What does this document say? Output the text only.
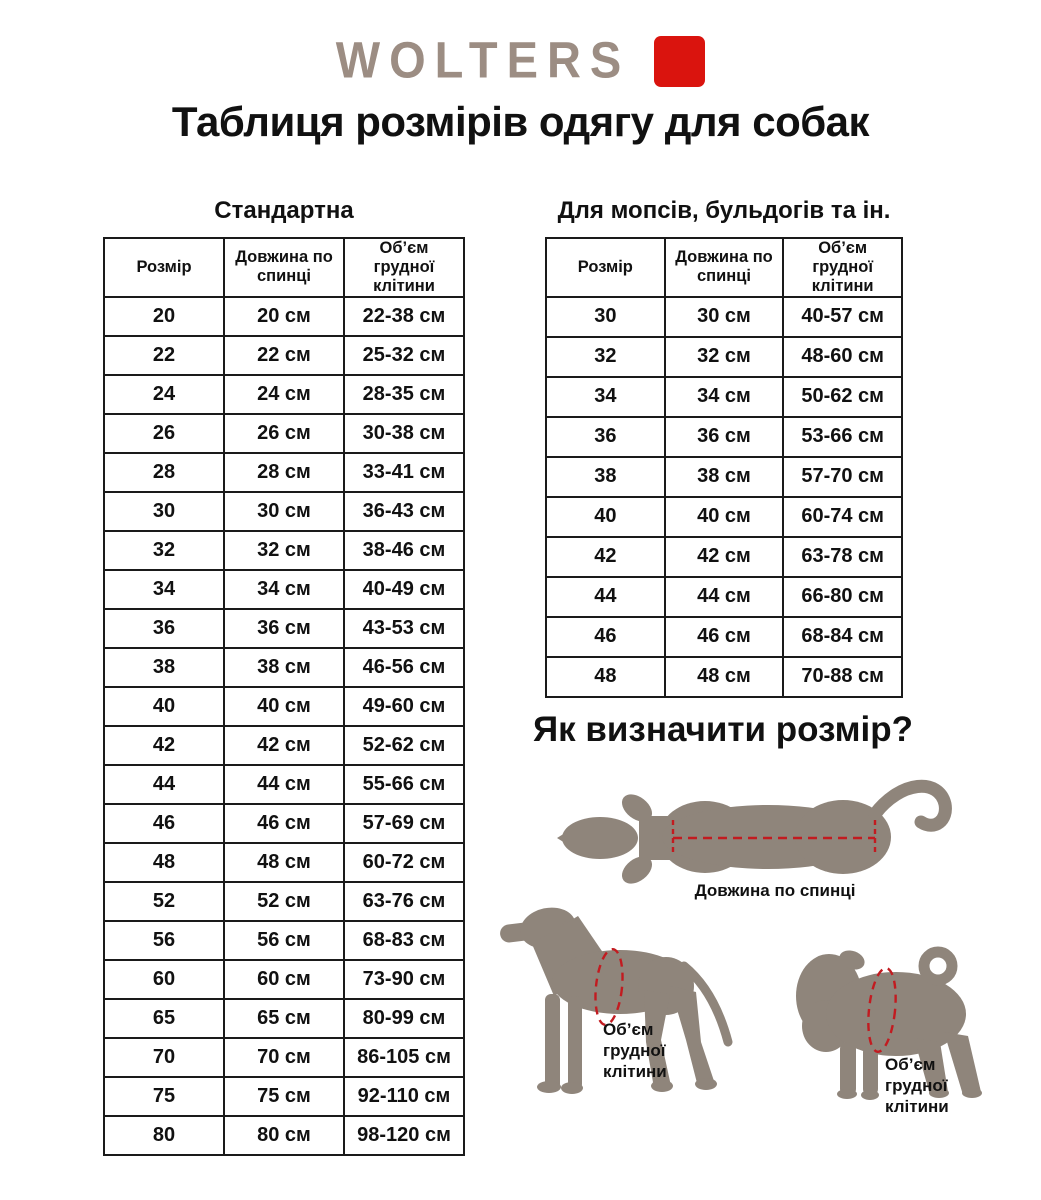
WOLTERS
Таблиця розмірів одягу для собак
Стандартна	Для мопсів, бульдогів та ін.
Розмір	Довжина по спинці	Об’єм грудної клітини
20	20 см	22-38 см
22	22 см	25-32 см
24	24 см	28-35 см
26	26 см	30-38 см
28	28 см	33-41 см
30	30 см	36-43 см
32	32 см	38-46 см
34	34 см	40-49 см
36	36 см	43-53 см
38	38 см	46-56 см
40	40 см	49-60 см
42	42 см	52-62 см
44	44 см	55-66 см
46	46 см	57-69 см
48	48 см	60-72 см
52	52 см	63-76 см
56	56 см	68-83 см
60	60 см	73-90 см
65	65 см	80-99 см
70	70 см	86-105 см
75	75 см	92-110 см
80	80 см	98-120 см
Розмір	Довжина по спинці	Об’єм грудної клітини
30	30 см	40-57 см
32	32 см	48-60 см
34	34 см	50-62 см
36	36 см	53-66 см
38	38 см	57-70 см
40	40 см	60-74 см
42	42 см	63-78 см
44	44 см	66-80 см
46	46 см	68-84 см
48	48 см	70-88 см
Як визначити розмір?
Довжина по спинці
Об’єм
грудної
клітини	Об’єм
грудної
клітини
